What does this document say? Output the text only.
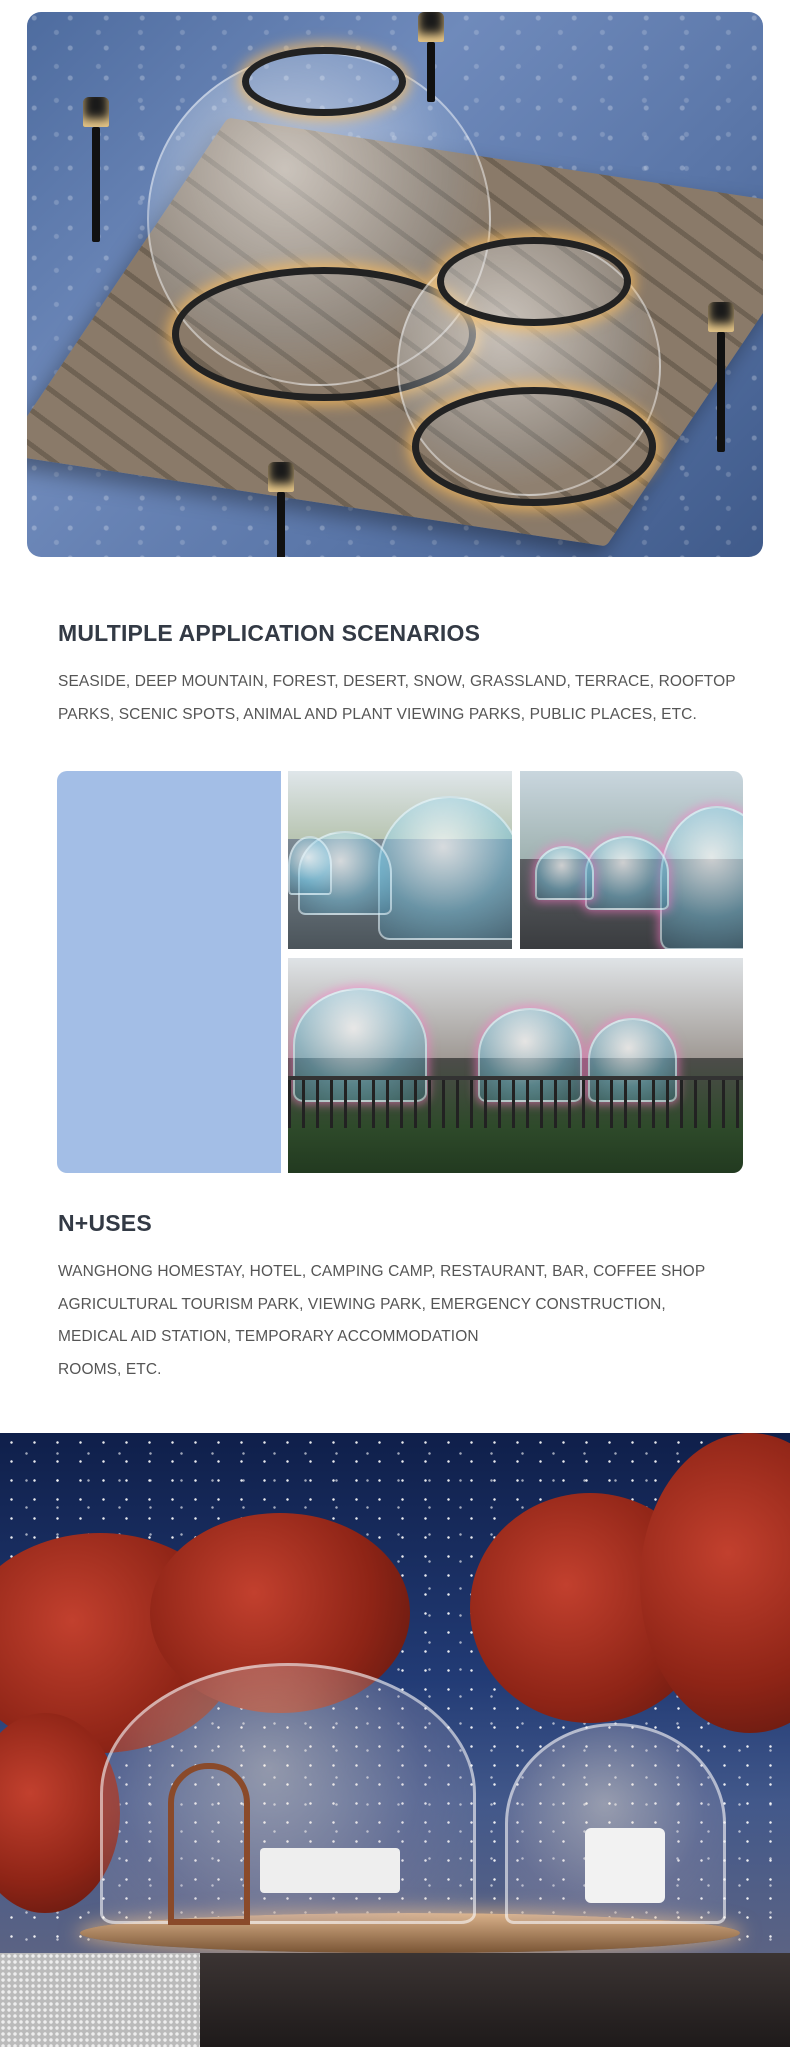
MULTIPLE APPLICATION SCENARIOS

SEASIDE, DEEP MOUNTAIN, FOREST, DESERT, SNOW, GRASSLAND, TERRACE, ROOFTOP
PARKS, SCENIC SPOTS, ANIMAL AND PLANT VIEWING PARKS, PUBLIC PLACES, ETC.

N+USES

WANGHONG HOMESTAY, HOTEL, CAMPING CAMP, RESTAURANT, BAR, COFFEE SHOP
AGRICULTURAL TOURISM PARK, VIEWING PARK, EMERGENCY CONSTRUCTION,
MEDICAL AID STATION, TEMPORARY ACCOMMODATION
ROOMS, ETC.
